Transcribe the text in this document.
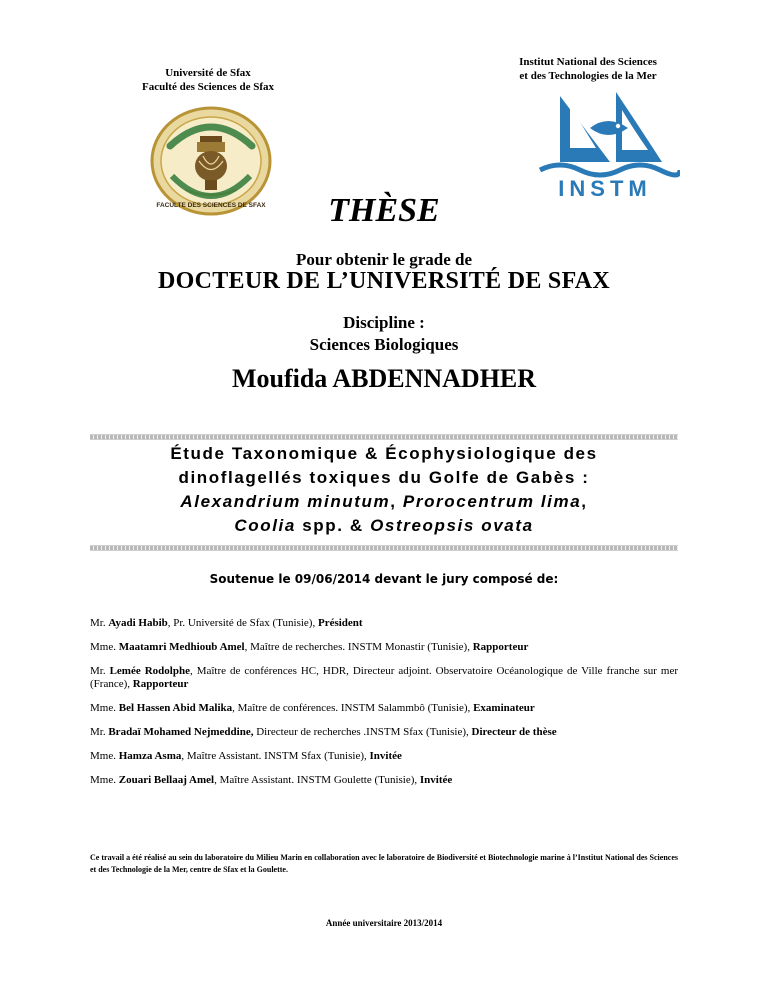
Université de Sfax
Faculté des Sciences de Sfax
Institut National des Sciences
et des Technologies de la Mer
FACULTE DES SCIENCES DE SFAX
INSTM
THÈSE
Pour obtenir le grade de
DOCTEUR DE L’UNIVERSITÉ DE SFAX
Discipline :
Sciences Biologiques
Moufida ABDENNADHER
Étude Taxonomique & Écophysiologique des
dinoflagellés toxiques du Golfe de Gabès :
Alexandrium minutum, Prorocentrum lima,
Coolia spp. & Ostreopsis ovata
Soutenue le 09/06/2014 devant le jury composé de:

Mr. Ayadi Habib, Pr. Université de Sfax (Tunisie), Président

Mme. Maatamri Medhioub Amel, Maître de recherches. INSTM Monastir (Tunisie), Rapporteur

Mr. Lemée Rodolphe, Maître de conférences HC, HDR, Directeur adjoint. Observatoire Océanologique de Ville franche sur mer (France), Rapporteur

Mme. Bel Hassen Abid Malika, Maître de conférences. INSTM Salammbô (Tunisie), Examinateur

Mr. Bradaï Mohamed Nejmeddine, Directeur de recherches .INSTM Sfax (Tunisie), Directeur de thèse

Mme. Hamza Asma, Maître Assistant. INSTM Sfax (Tunisie), Invitée

Mme. Zouari Bellaaj Amel, Maître Assistant. INSTM Goulette (Tunisie), Invitée

Ce travail a été réalisé au sein du laboratoire du Milieu Marin en collaboration avec le laboratoire de Biodiversité et Biotechnologie marine à l’Institut National des Sciences et des Technologie de la Mer, centre de Sfax et la Goulette.
Année universitaire 2013/2014
